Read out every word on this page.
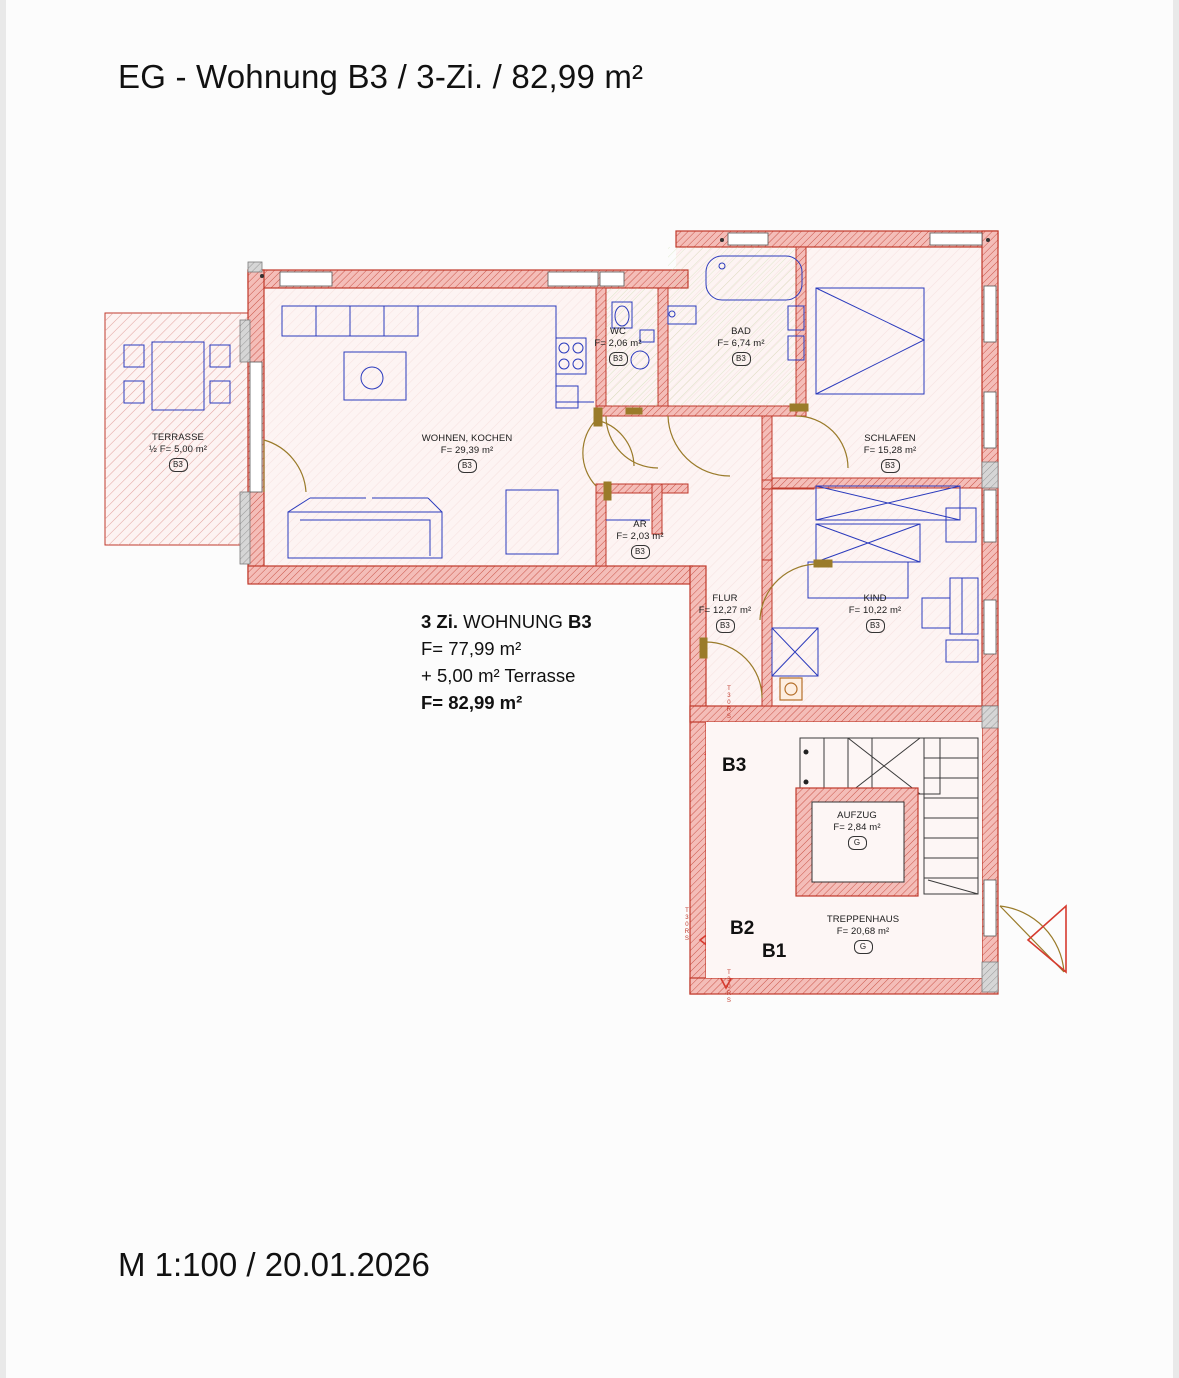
EG - Wohnung B3 / 3-Zi. / 82,99 m²
M 1:100 / 20.01.2026
TERRASSE
½ F= 5,00 m²
B3
WOHNEN, KOCHEN
F= 29,39 m²
B3
WC
F= 2,06 m²
B3
BAD
F= 6,74 m²
B3
SCHLAFEN
F= 15,28 m²
B3
AR
F= 2,03 m²
B3
FLUR
F= 12,27 m²
B3
KIND
F= 10,22 m²
B3
AUFZUG
F= 2,84 m²
G
TREPPENHAUS
F= 20,68 m²
G
3 Zi. WOHNUNG B3
F= 77,99 m²
+ 5,00 m² Terrasse
F= 82,99 m²
B3
B2
B1
T
3
0
R
S
T
3
0
R
S
T
3
0
R
S
